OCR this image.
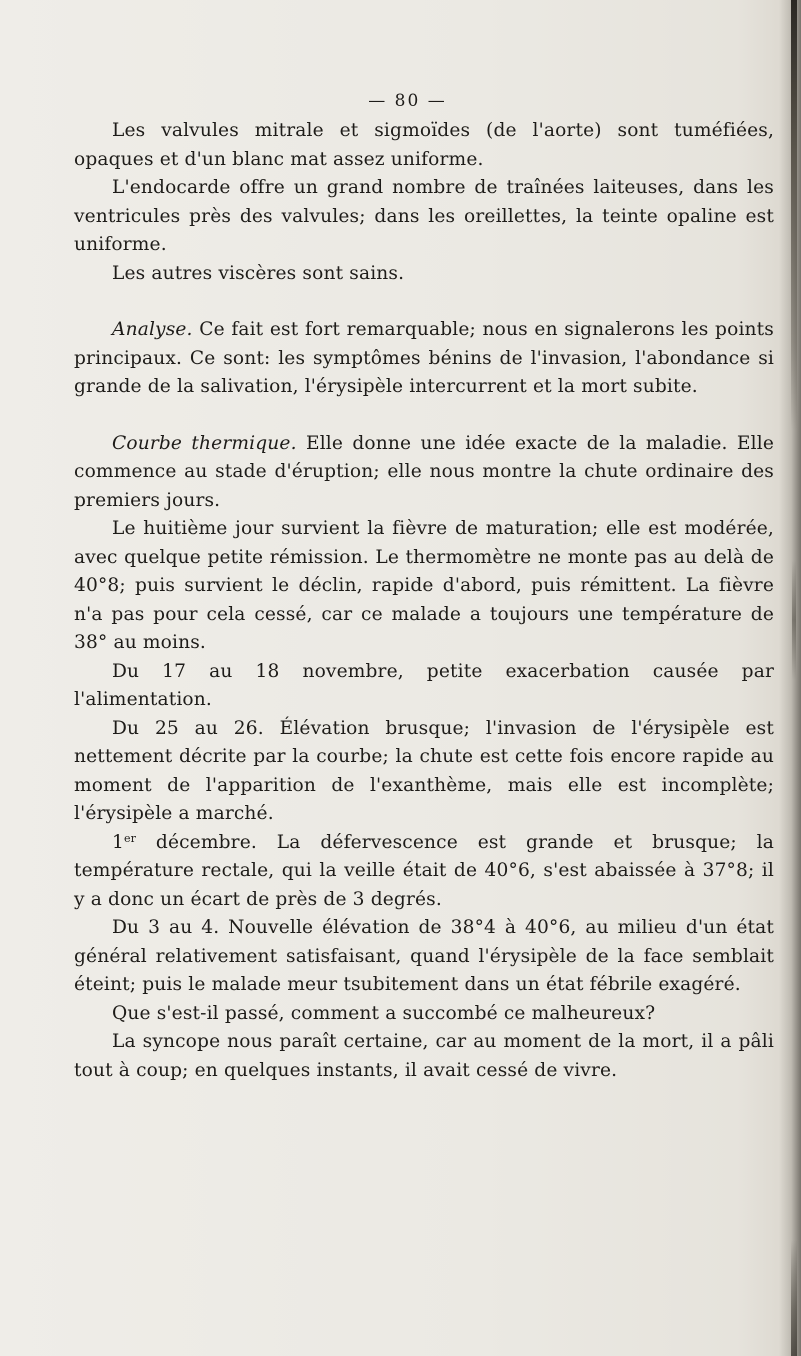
— 80 —

Les valvules mitrale et sigmoïdes (de l'aorte) sont tuméfiées, opaques et d'un blanc mat assez uniforme.

L'endocarde offre un grand nombre de traînées laiteuses, dans les ventricules près des valvules; dans les oreillettes, la teinte opaline est uniforme.

Les autres viscères sont sains.

Analyse. Ce fait est fort remarquable; nous en signalerons les points principaux. Ce sont: les symptômes bénins de l'invasion, l'abondance si grande de la salivation, l'érysipèle intercurrent et la mort subite.

Courbe thermique. Elle donne une idée exacte de la maladie. Elle commence au stade d'éruption; elle nous montre la chute ordinaire des premiers jours.

Le huitième jour survient la fièvre de maturation; elle est modérée, avec quelque petite rémission. Le thermomètre ne monte pas au delà de 40°8; puis survient le déclin, rapide d'abord, puis rémittent. La fièvre n'a pas pour cela cessé, car ce malade a toujours une température de 38° au moins.

Du 17 au 18 novembre, petite exacerbation causée par l'alimentation.

Du 25 au 26. Élévation brusque; l'invasion de l'érysipèle est nettement décrite par la courbe; la chute est cette fois encore rapide au moment de l'apparition de l'exanthème, mais elle est incomplète; l'érysipèle a marché.

1er décembre. La défervescence est grande et brusque; la température rectale, qui la veille était de 40°6, s'est abaissée à 37°8; il y a donc un écart de près de 3 degrés.

Du 3 au 4. Nouvelle élévation de 38°4 à 40°6, au milieu d'un état général relativement satisfaisant, quand l'érysipèle de la face semblait éteint; puis le malade meur tsubitement dans un état fébrile exagéré.

Que s'est-il passé, comment a succombé ce malheureux?

La syncope nous paraît certaine, car au moment de la mort, il a pâli tout à coup; en quelques instants, il avait cessé de vivre.
